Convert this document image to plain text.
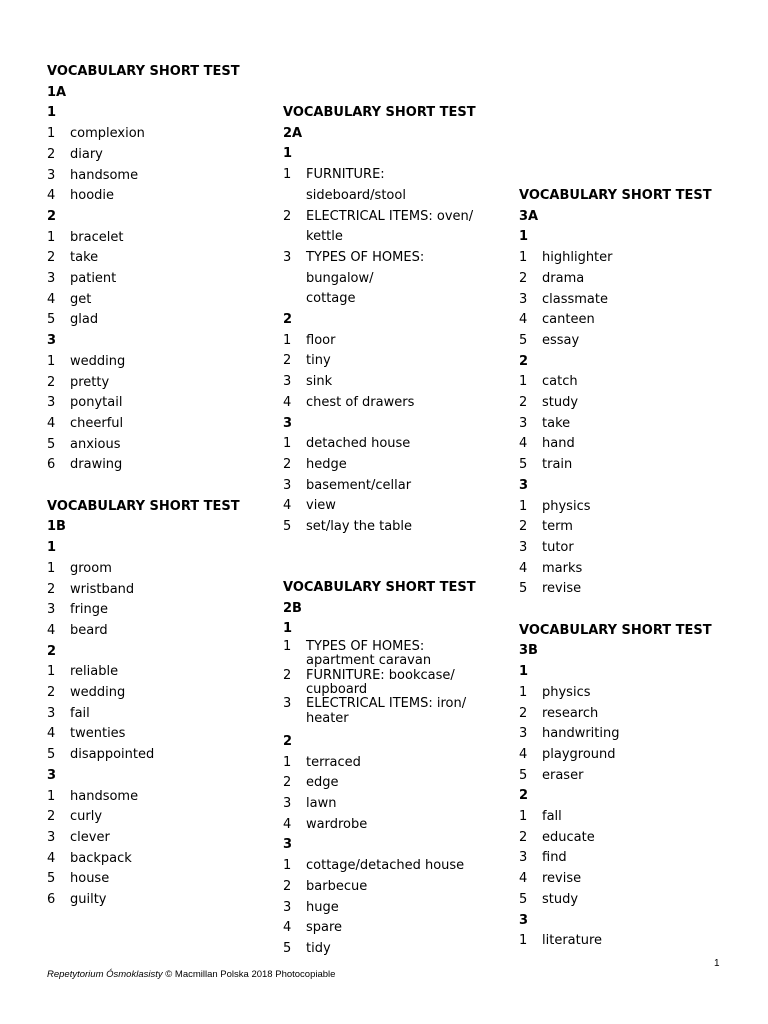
VOCABULARY SHORT TEST
1A
1
1	complexion
2	diary
3	handsome
4	hoodie
2
1	bracelet
2	take
3	patient
4	get
5	glad
3
1	wedding
2	pretty
3	ponytail
4	cheerful
5	anxious
6	drawing
VOCABULARY SHORT TEST
1B
1
1	groom
2	wristband
3	fringe
4	beard
2
1	reliable
2	wedding
3	fail
4	twenties
5	disappointed
3
1	handsome
2	curly
3	clever
4	backpack
5	house
6	guilty
VOCABULARY SHORT TEST
2A
1
1	FURNITURE:
sideboard/stool
2	ELECTRICAL ITEMS: oven/
kettle
3	TYPES OF HOMES:
bungalow/
cottage
2
1	floor
2	tiny
3	sink
4	chest of drawers
3
1	detached house
2	hedge
3	basement/cellar
4	view
5	set/lay the table
VOCABULARY SHORT TEST
2B
1
1	TYPES OF HOMES:
apartment caravan
2	FURNITURE: bookcase/
cupboard
3	ELECTRICAL ITEMS: iron/
heater
2
1	terraced
2	edge
3	lawn
4	wardrobe
3
1	cottage/detached house
2	barbecue
3	huge
4	spare
5	tidy
VOCABULARY SHORT TEST
3A
1
1	highlighter
2	drama
3	classmate
4	canteen
5	essay
2
1	catch
2	study
3	take
4	hand
5	train
3
1	physics
2	term
3	tutor
4	marks
5	revise
VOCABULARY SHORT TEST
3B
1
1	physics
2	research
3	handwriting
4	playground
5	eraser
2
1	fall
2	educate
3	find
4	revise
5	study
3
1	literature
1
Repetytorium Ósmoklasisty © Macmillan Polska 2018 Photocopiable
